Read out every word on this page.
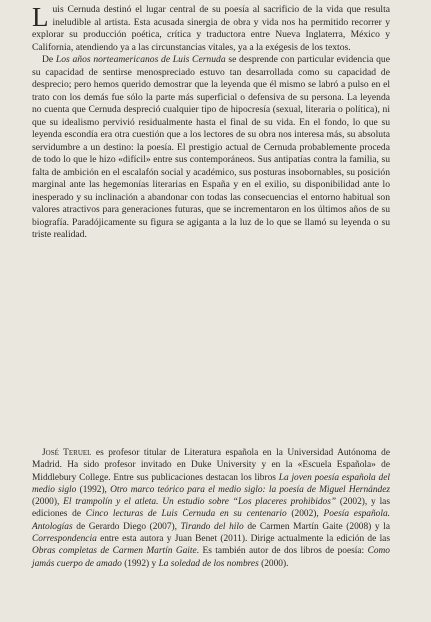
Luis Cernuda destinó el lugar central de su poesía al sacrificio de la vida que resulta ineludible al artista. Esta acusada sinergia de obra y vida nos ha permitido recorrer y explorar su producción poética, crítica y traductora entre Nueva Inglaterra, México y California, atendiendo ya a las circunstancias vitales, ya a la exégesis de los textos.

De Los años norteamericanos de Luis Cernuda se desprende con particular evidencia que su capacidad de sentirse menospreciado estuvo tan desarrollada como su capacidad de desprecio; pero hemos querido demostrar que la leyenda que él mismo se labró a pulso en el trato con los demás fue sólo la parte más superficial o defensiva de su persona. La leyenda no cuenta que Cernuda despreció cualquier tipo de hipocresía (sexual, literaria o política), ni que su idealismo pervivió residualmente hasta el final de su vida. En el fondo, lo que su leyenda escondía era otra cuestión que a los lectores de su obra nos interesa más, su absoluta servidumbre a un destino: la poesía. El prestigio actual de Cernuda probablemente proceda de todo lo que le hizo «difícil» entre sus contemporáneos. Sus antipatías contra la familia, su falta de ambición en el escalafón social y académico, sus posturas insobornables, su posición marginal ante las hegemonías literarias en España y en el exilio, su disponibilidad ante lo inesperado y su inclinación a abandonar con todas las consecuencias el entorno habitual son valores atractivos para generaciones futuras, que se incrementaron en los últimos años de su biografía. Paradójicamente su figura se agiganta a la luz de lo que se llamó su leyenda o su triste realidad.

José Teruel es profesor titular de Literatura española en la Universidad Autónoma de Madrid. Ha sido profesor invitado en Duke University y en la «Escuela Española» de Middlebury College. Entre sus publicaciones destacan los libros La joven poesía española del medio siglo (1992), Otro marco teórico para el medio siglo: la poesía de Miguel Hernández (2000), El trampolín y el atleta. Un estudio sobre “Los placeres prohibidos” (2002), y las ediciones de Cinco lecturas de Luis Cernuda en su centenario (2002), Poesía española. Antologías de Gerardo Diego (2007), Tirando del hilo de Carmen Martín Gaite (2008) y la Correspondencia entre esta autora y Juan Benet (2011). Dirige actualmente la edición de las Obras completas de Carmen Martín Gaite. Es también autor de dos libros de poesía: Como jamás cuerpo de amado (1992) y La soledad de los nombres (2000).
